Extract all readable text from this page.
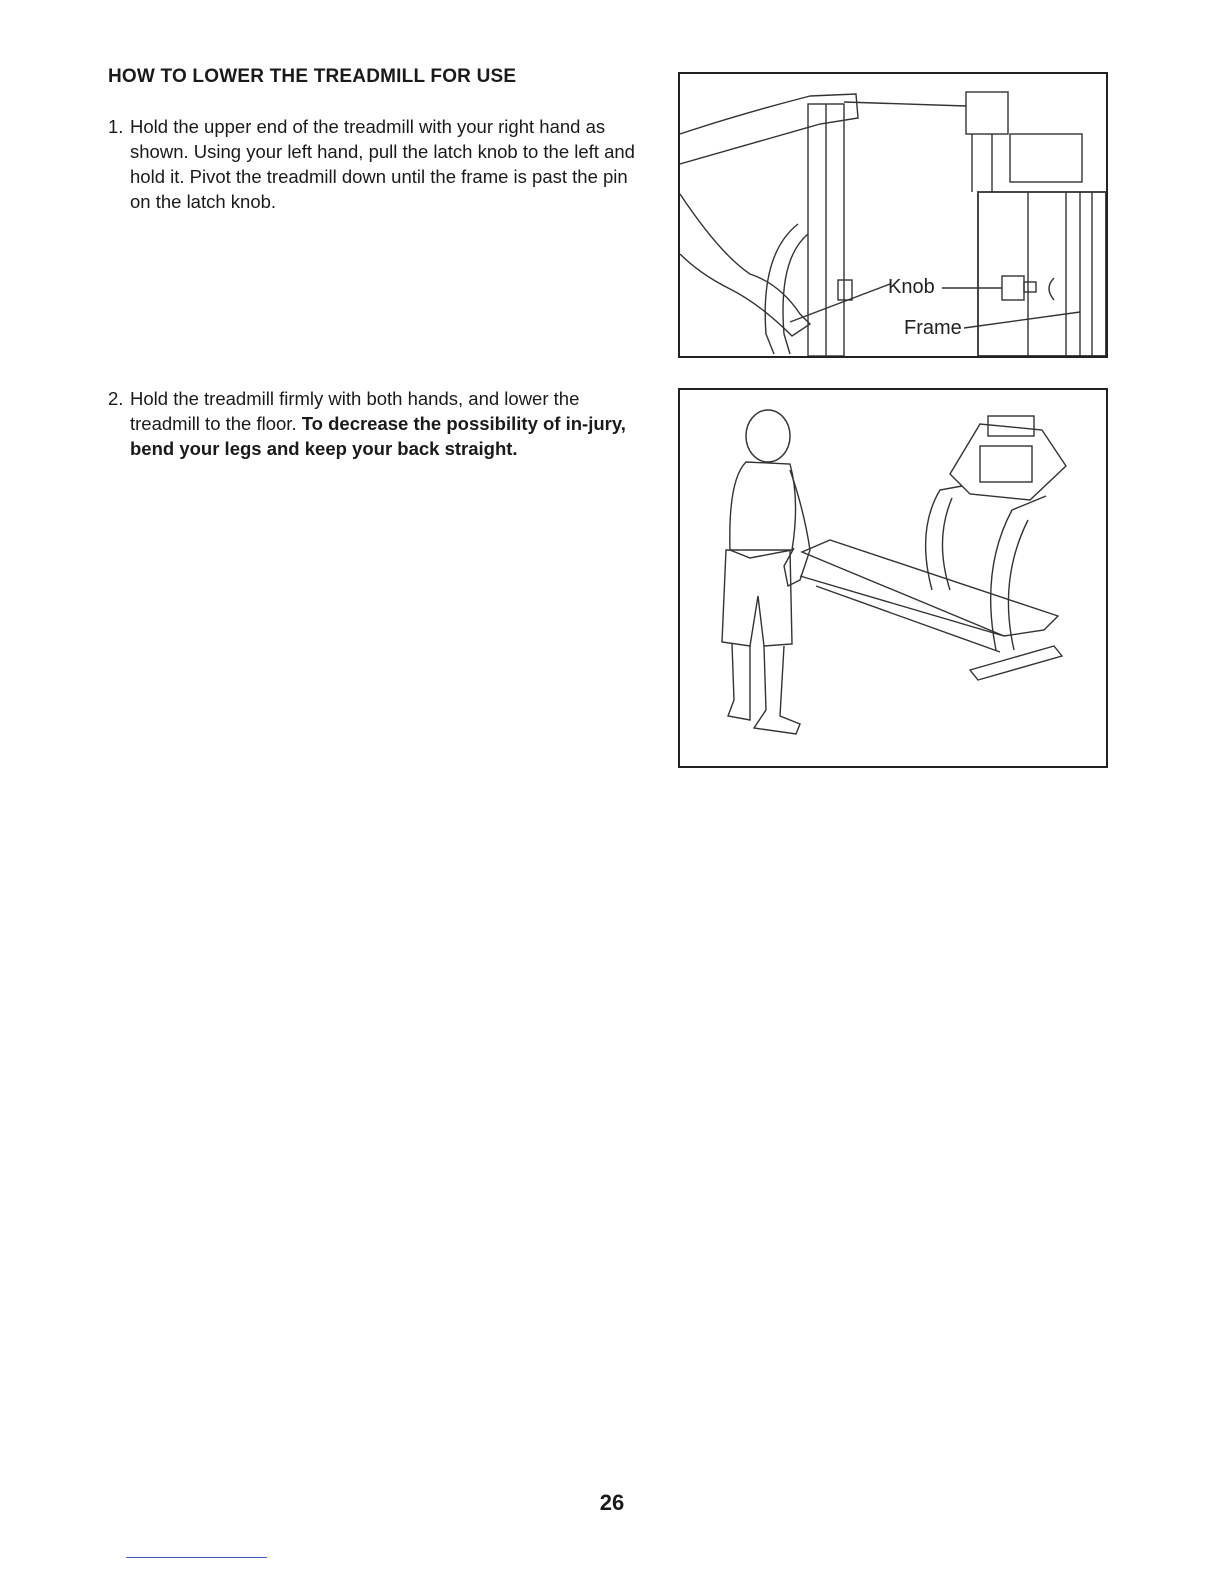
HOW TO LOWER THE TREADMILL FOR USE
1. Hold the upper end of the treadmill with your right hand as shown. Using your left hand, pull the latch knob to the left and hold it. Pivot the treadmill down until the frame is past the pin on the latch knob.
2. Hold the treadmill firmly with both hands, and lower the treadmill to the floor. To decrease the possibility of in-jury, bend your legs and keep your back straight.
Knob
Frame
26
